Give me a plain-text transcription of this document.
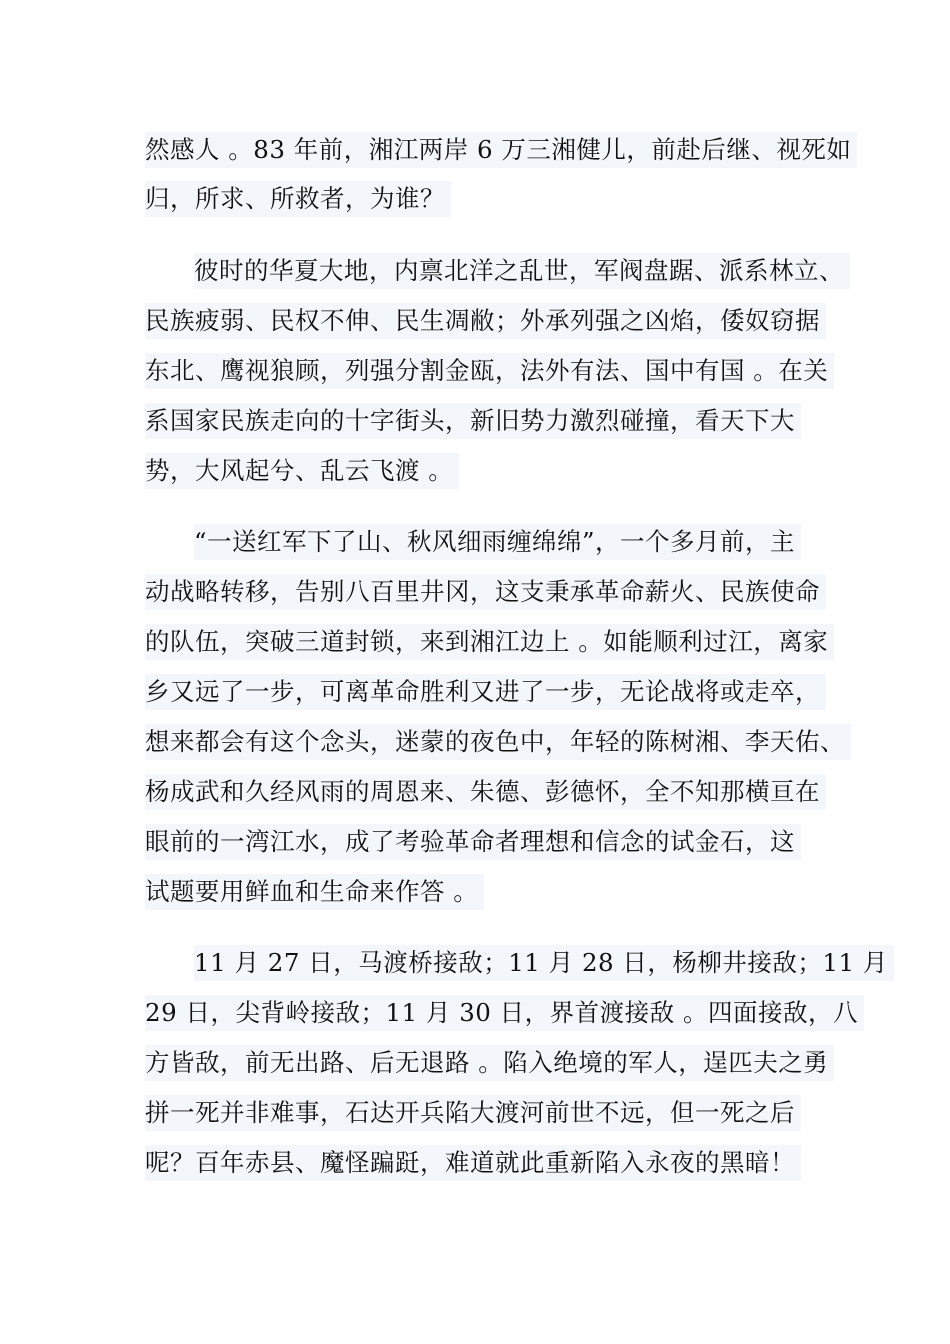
然感人 。83 年前，湘江两岸 6 万三湘健儿，前赴后继、视死如
归，所求、所救者，为谁？
彼时的华夏大地，内禀北洋之乱世，军阀盘踞、派系林立、
民族疲弱、民权不伸、民生凋敝；外承列强之凶焰，倭奴窃据
东北、鹰视狼顾，列强分割金瓯，法外有法、国中有国 。在关
系国家民族走向的十字街头，新旧势力激烈碰撞，看天下大
势，大风起兮、乱云飞渡 。
“一送红军下了山、秋风细雨缠绵绵”，一个多月前，主
动战略转移，告别八百里井冈，这支秉承革命薪火、民族使命
的队伍，突破三道封锁，来到湘江边上 。如能顺利过江，离家
乡又远了一步，可离革命胜利又进了一步，无论战将或走卒，
想来都会有这个念头，迷蒙的夜色中，年轻的陈树湘、李天佑、
杨成武和久经风雨的周恩来、朱德、彭德怀，全不知那横亘在
眼前的一湾江水，成了考验革命者理想和信念的试金石，这
试题要用鲜血和生命来作答 。
11 月 27 日，马渡桥接敌；11 月 28 日，杨柳井接敌；11 月
29 日，尖背岭接敌；11 月 30 日，界首渡接敌 。四面接敌，八
方皆敌，前无出路、后无退路 。陷入绝境的军人，逞匹夫之勇
拼一死并非难事，石达开兵陷大渡河前世不远，但一死之后
呢？百年赤县、魔怪蹁跹，难道就此重新陷入永夜的黑暗！
